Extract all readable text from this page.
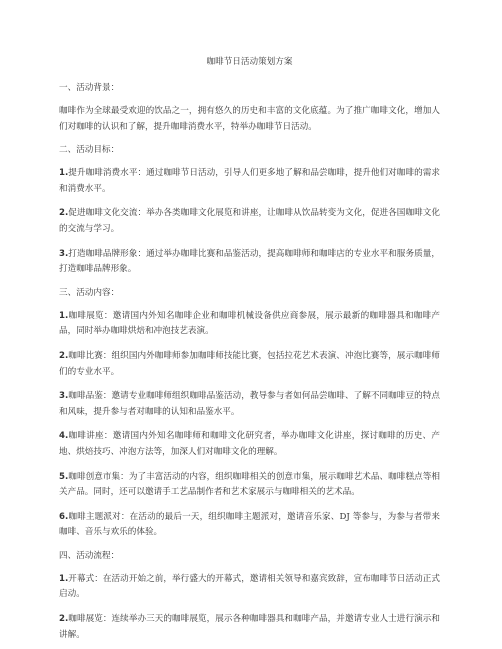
咖啡节日活动策划方案
一、活动背景：
咖啡作为全球最受欢迎的饮品之一，拥有悠久的历史和丰富的文化底蕴。为了推广咖啡文化，增加人们对咖啡的认识和了解，提升咖啡消费水平，特举办咖啡节日活动。
二、活动目标：
1.提升咖啡消费水平：通过咖啡节日活动，引导人们更多地了解和品尝咖啡，提升他们对咖啡的需求和消费水平。
2.促进咖啡文化交流：举办各类咖啡文化展览和讲座，让咖啡从饮品转变为文化，促进各国咖啡文化的交流与学习。
3.打造咖啡品牌形象：通过举办咖啡比赛和品鉴活动，提高咖啡师和咖啡店的专业水平和服务质量，打造咖啡品牌形象。
三、活动内容：
1.咖啡展览：邀请国内外知名咖啡企业和咖啡机械设备供应商参展，展示最新的咖啡器具和咖啡产品，同时举办咖啡烘焙和冲泡技艺表演。
2.咖啡比赛：组织国内外咖啡师参加咖啡师技能比赛，包括拉花艺术表演、冲泡比赛等，展示咖啡师们的专业水平。
3.咖啡品鉴：邀请专业咖啡师组织咖啡品鉴活动，教导参与者如何品尝咖啡、了解不同咖啡豆的特点和风味，提升参与者对咖啡的认知和品鉴水平。
4.咖啡讲座：邀请国内外知名咖啡师和咖啡文化研究者，举办咖啡文化讲座，探讨咖啡的历史、产地、烘焙技巧、冲泡方法等，加深人们对咖啡文化的理解。
5.咖啡创意市集：为了丰富活动的内容，组织咖啡相关的创意市集，展示咖啡艺术品、咖啡糕点等相关产品。同时，还可以邀请手工艺品制作者和艺术家展示与咖啡相关的艺术品。
6.咖啡主题派对：在活动的最后一天，组织咖啡主题派对，邀请音乐家、DJ 等参与，为参与者带来咖啡、音乐与欢乐的体验。
四、活动流程：
1.开幕式：在活动开始之前，举行盛大的开幕式，邀请相关领导和嘉宾致辞，宣布咖啡节日活动正式启动。
2.咖啡展览：连续举办三天的咖啡展览，展示各种咖啡器具和咖啡产品，并邀请专业人士进行演示和讲解。
